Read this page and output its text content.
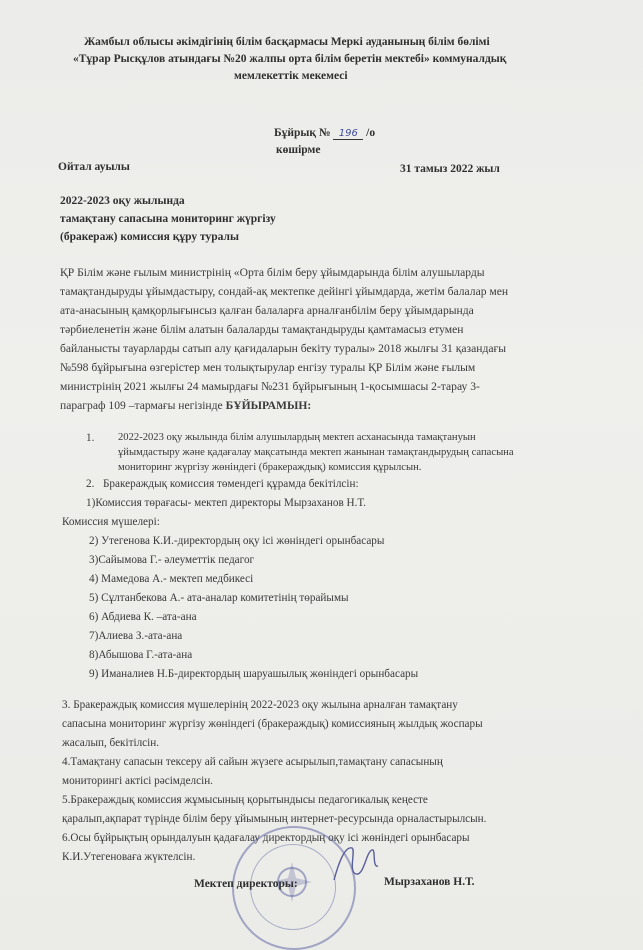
Жамбыл облысы әкімдігінің білім басқармасы Меркі ауданының білім бөлімі
«Тұрар Рысқұлов атындағы №20 жалпы орта білім беретін мектебі» коммуналдық
мемлекеттік мекемесі
Бұйрық № 196 /о
көшірме
Ойтал ауылы	31 тамыз 2022 жыл
2022-2023 оқу жылында
тамақтану сапасына мониторинг жүргізу
(бракераж) комиссия құру туралы
ҚР Білім және ғылым министрінің «Орта білім беру ұйымдарында білім алушыларды
тамақтандыруды ұйымдастыру, сондай-ақ мектепке дейінгі ұйымдарда, жетім балалар мен
ата-анасының қамқорлығынсыз қалған балаларға арналғанбілім беру ұйымдарында
тәрбиеленетін және білім алатын балаларды тамақтандыруды қамтамасыз етумен
байланысты тауарларды сатып алу қағидаларын бекіту туралы» 2018 жылғы 31 қазандағы
№598 бұйрығына өзгерістер мен толықтырулар енгізу туралы ҚР Білім және ғылым
министрінің 2021 жылғы 24 мамырдағы №231 бұйрығының 1-қосымшасы 2-тарау 3-
параграф 109 –тармағы негізінде БҰЙЫРАМЫН:
1. 2022-2023 оқу жылында білім алушылардың мектеп асханасында тамақтануын
ұйымдастыру және қадағалау мақсатында мектеп жанынан тамақтандырудың сапасына
мониторинг жүргізу жөніндегі (бракераждық) комиссия құрылсын.
2. Бракераждық комиссия төмендегі құрамда бекітілсін:
1)Комиссия төрағасы- мектеп директоры Мырзаханов Н.Т.
Комиссия мүшелері:
2) Утегенова К.И.-директордың оқу ісі жөніндегі орынбасары
3)Сайымова Г.- әлеуметтік педагог
4) Мамедова А.- мектеп медбикесі
5) Сұлтанбекова А.- ата-аналар комитетінің төрайымы
6) Абдиева К. –ата-ана
7)Алиева З.-ата-ана
8)Абышова Г.-ата-ана
9) Иманалиев Н.Б-директордың шаруашылық жөніндегі орынбасары
3. Бракераждық комиссия мүшелерінің 2022-2023 оқу жылына арналған тамақтану
сапасына мониторинг жүргізу жөніндегі (бракераждық) комиссияның жылдық жоспары
жасалып, бекітілсін.
4.Тамақтану сапасын тексеру ай сайын жүзеге асырылып,тамақтану сапасының
мониторингі актісі рәсімделсін.
5.Бракераждық комиссия жұмысының қорытындысы педагогикалық кеңесте
қаралып,ақпарат түрінде білім беру ұйымының интернет-ресурсында орналастырылсын.
6.Осы бұйрықтың орындалуын қадағалау директордың оқу ісі жөніндегі орынбасары
К.И.Утегеноваға жүктелсін.
Мектеп директоры:	Мырзаханов Н.Т.
